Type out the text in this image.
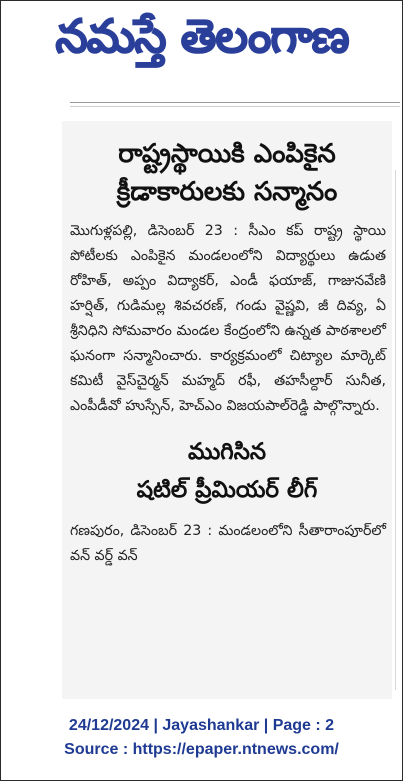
నమస్తే తెలంగాణ
రాష్ట్రస్థాయికి ఎంపికైన
క్రీడాకారులకు సన్మానం

మొగుళ్లపల్లి, డిసెంబర్ 23 : సీఎం కప్ రాష్ట్ర స్థాయి పోటీలకు ఎంపికైన మండలంలోని విద్యార్థులు ఉడుత రోహిత్, అప్పం విద్యాకర్, ఎండీ ఫయాజ్, గాజునవేణి హర్షిత్, గుడిమల్ల శివచరణ్, గండు వైష్ణవి, జీ దివ్య, ఏ శ్రీనిధిని సోమవారం మండల కేంద్రంలోని ఉన్నత పాఠశాలలో ఘనంగా సన్మానించారు. కార్యక్రమంలో చిట్యాల మార్కెట్ కమిటీ వైస్‌చైర్మన్ మహ్మద్ రఫీ, తహసీల్దార్ సునీత, ఎంపీడీవో హుస్సేన్, హెచ్ఎం విజయపాల్‌రెడ్డి పాల్గొన్నారు.

ముగిసిన
షటిల్ ప్రీమియర్ లీగ్

గణపురం, డిసెంబర్ 23 : మండలంలోని సీతారాంపూర్‌లో వన్ వర్డ్ వన్

24/12/2024 | Jayashankar | Page : 2
Source : https://epaper.ntnews.com/
